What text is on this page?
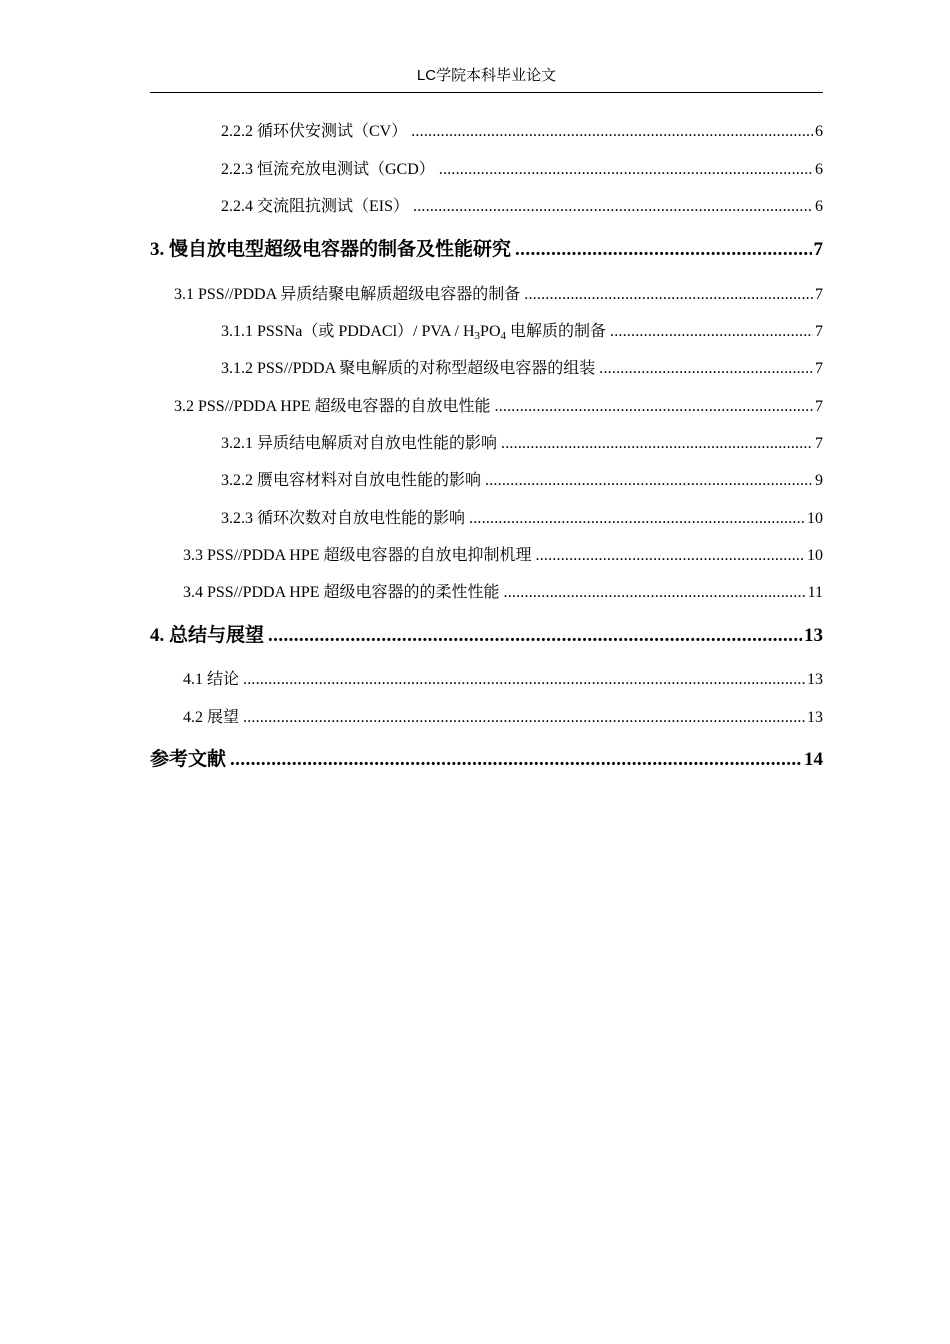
LC学院本科毕业论文
2.2.2 循环伏安测试（CV） .....	6
2.2.3 恒流充放电测试（GCD） .....	6
2.2.4 交流阻抗测试（EIS） .....	6
3. 慢自放电型超级电容器的制备及性能研究 .....	7
3.1 PSS//PDDA 异质结聚电解质超级电容器的制备 .....	7
3.1.1 PSSNa（或 PDDACl）/ PVA / $H_3PO_4$ 电解质的制备 .....	7
3.1.2 PSS//PDDA 聚电解质的对称型超级电容器的组装 .....	7
3.2 PSS//PDDA HPE 超级电容器的自放电性能 .....	7
3.2.1 异质结电解质对自放电性能的影响 .....	7
3.2.2 赝电容材料对自放电性能的影响 .....	9
3.2.3 循环次数对自放电性能的影响 .....	10
3.3 PSS//PDDA HPE 超级电容器的自放电抑制机理 .....	10
3.4 PSS//PDDA HPE 超级电容器的的柔性性能 .....	11
4. 总结与展望 .....	13
4.1 结论 .....	13
4.2 展望 .....	13
参考文献 .....	14
